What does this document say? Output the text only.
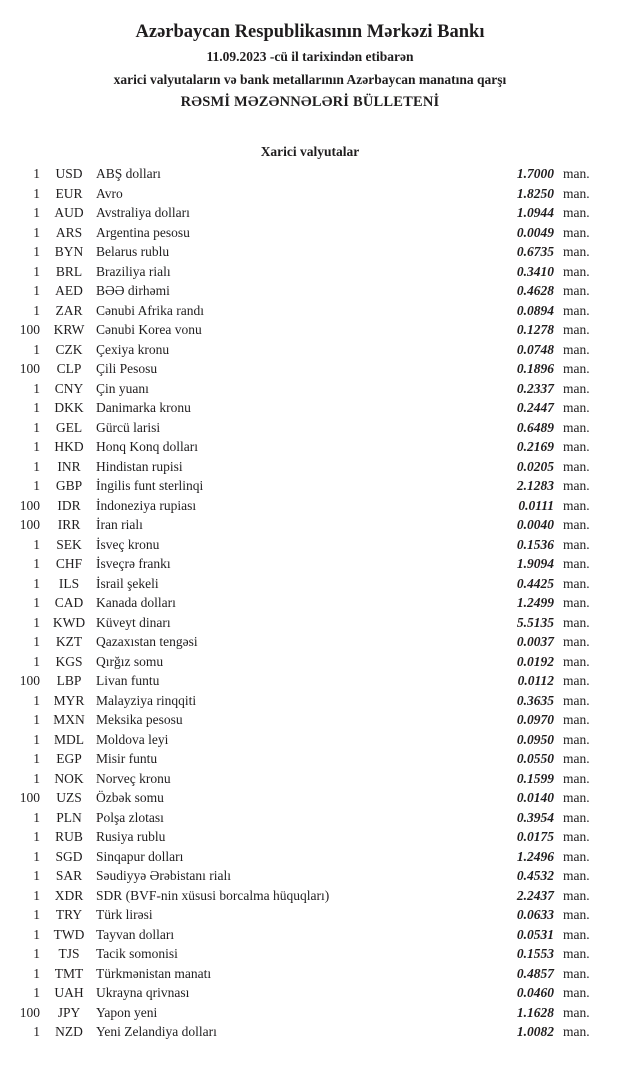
Azərbaycan Respublikasının Mərkəzi Bankı
11.09.2023 -cü il tarixindən etibarən
xarici valyutaların və bank metallarının Azərbaycan manatına qarşı
RƏSMİ MƏZƏNNƏLƏRİ BÜLLETENİ
Xarici valyutalar
1	USD	ABŞ dolları	1.7000 man.
1	EUR	Avro	1.8250 man.
1	AUD Avstraliya dolları	1.0944 man.
1	ARS	Argentina pesosu	0.0049 man.
1	BYN Belarus rublu	0.6735 man.
1	BRL	Braziliya rialı	0.3410 man.
1	AED BƏƏ dirhəmi	0.4628 man.
1	ZAR	Cənubi Afrika randı	0.0894 man.
100	KRW Cənubi Korea vonu	0.1278 man.
1	CZK	Çexiya kronu	0.0748 man.
100	CLP	Çili Pesosu	0.1896 man.
1	CNY Çin yuanı	0.2337 man.
1	DKK Danimarka kronu	0.2447 man.
1	GEL	Gürcü larisi	0.6489 man.
1	HKD Honq Konq dolları	0.2169 man.
1	INR	Hindistan rupisi	0.0205 man.
1	GBP	İngilis funt sterlinqi	2.1283 man.
100	IDR	İndoneziya rupiası	0.0111 man.
100	IRR	İran rialı	0.0040 man.
1	SEK	İsveç kronu	0.1536 man.
1	CHF	İsveçrə frankı	1.9094 man.
1	ILS	İsrail şekeli	0.4425 man.
1	CAD Kanada dolları	1.2499 man.
1 KWD Küveyt dinarı	5.5135 man.
1	KZT	Qazaxıstan tengəsi	0.0037 man.
1	KGS	Qırğız somu	0.0192 man.
100	LBP	Livan funtu	0.0112 man.
1	MYR Malayziya rinqqiti	0.3635 man.
1 MXN Meksika pesosu	0.0970 man.
1	MDL Moldova leyi	0.0950 man.
1	EGP	Misir funtu	0.0550 man.
1	NOK Norveç kronu	0.1599 man.
100	UZS	Özbək somu	0.0140 man.
1	PLN	Polşa zlotası	0.3954 man.
1	RUB Rusiya rublu	0.0175 man.
1	SGD	Sinqapur dolları	1.2496 man.
1	SAR	Səudiyyə Ərəbistanı rialı	0.4532 man.
1	XDR SDR (BVF-nin xüsusi borcalma hüquqları)	2.2437 man.
1	TRY	Türk lirəsi	0.0633 man.
1	TWD Tayvan dolları	0.0531 man.
1	TJS	Tacik somonisi	0.1553 man.
1	TMT Türkmənistan manatı	0.4857 man.
1	UAH Ukrayna qrivnası	0.0460 man.
100	JPY	Yapon yeni	1.1628 man.
1	NZD Yeni Zelandiya dolları	1.0082 man.
